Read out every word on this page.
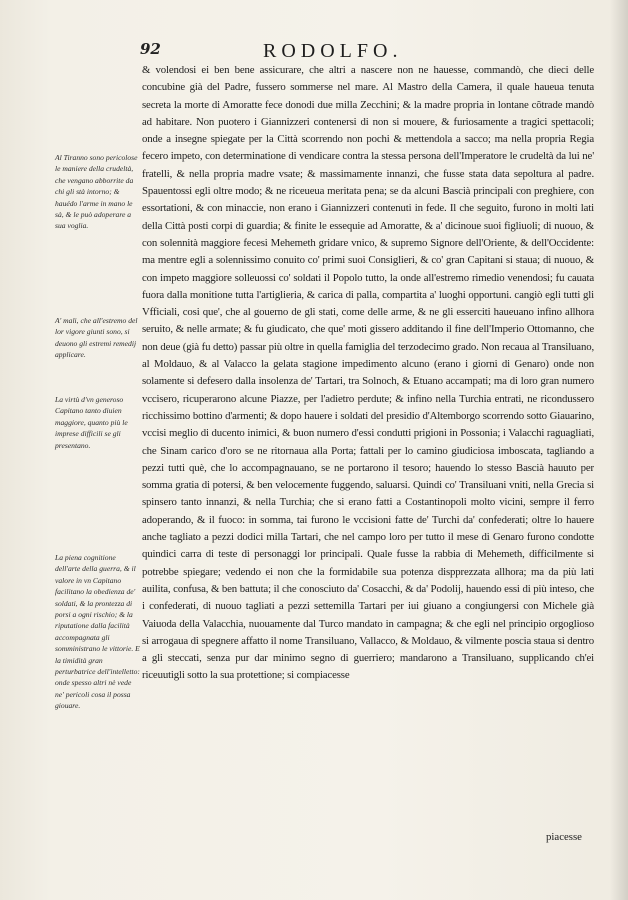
92	RODOLFO.

Al Tiranno sono pericolose le maniere della crudeltà, che vengano abborrite da chi gli stà intorno; & hauédo l'arme in mano le sà, & le può adoperare a sua voglia.

A' mali, che all'estremo del lor vigore giunti sono, si deuono gli estremi remedij applicare.

La virtù d'vn generoso Capitano tanto diuien maggiore, quanto più le imprese difficili se gli presentano.

La piena cognitione dell'arte della guerra, & il valore in vn Capitano facilitano la obedienza de' soldati, & la prontezza di porsi a ogni rischio; & la riputatione dalla facilità accompagnata gli somministrano le vittorie. E la timidità gran perturbatrice dell'intelletto: onde spesso altri nè vede ne' pericoli cosa il possa giouare.

& volendosi ei ben bene assicurare, che altri a nascere non ne hauesse, commandò, che dieci delle concubine già del Padre, fussero sommerse nel mare. Al Mastro della Camera, il quale haueua tenuta secreta la morte di Amoratte fece donodi due milla Zecchini; & la madre propria in lontane cõtrade mandò ad habitare. Non puotero i Giannizzeri contenersi di non si mouere, & furiosamente a tragici spettacoli; onde a insegne spiegate per la Città scorrendo non pochi & mettendola a sacco; ma nella propria Regia fecero impeto, con determinatione di vendicare contra la stessa persona dell'Imperatore le crudeltà da lui ne' fratelli, & nella propria madre vsate; & massimamente innanzi, che fusse stata data sepoltura al padre. Spauentossi egli oltre modo; & ne riceueua meritata pena; se da alcuni Bascià principali con preghiere, con essortationi, & con minaccie, non erano i Giannizzeri contenuti in fede. Il che seguito, furono in molti lati della Città posti corpi di guardia; & finite le essequie ad Amoratte, & a' dicinoue suoi figliuoli; di nuouo, & con solennità maggiore fecesi Mehemeth gridare vnico, & supremo Signore dell'Oriente, & dell'Occidente: ma mentre egli a solennissimo conuito co' primi suoi Consiglieri, & co' gran Capitani si staua; di nuouo, & con impeto maggiore solleuossi co' soldati il Popolo tutto, la onde all'estremo rimedio venendosi; fu cauata fuora dalla monitione tutta l'artiglieria, & carica di palla, compartita a' luoghi opportuni. cangiò egli tutti gli Vfficiali, cosi que', che al gouerno de gli stati, come delle arme, & ne gli esserciti haueuano infino allhora seruito, & nelle armate; & fu giudicato, che que' moti gissero additando il fine dell'Imperio Ottomanno, che non deue (già fu detto) passar più oltre in quella famiglia del terzodecimo grado. Non recaua al Transiluano, al Moldauo, & al Valacco la gelata stagione impedimento alcuno (erano i giorni di Genaro) onde non solamente si defesero dalla insolenza de' Tartari, tra Solnoch, & Etuano accampati; ma di loro gran numero vccisero, ricuperarono alcune Piazze, per l'adietro perdute; & infino nella Turchia entrati, ne ricondussero ricchissimo bottino d'armenti; & dopo hauere i soldati del presidio d'Altemborgo scorrendo sotto Giauarino, vccisi meglio di ducento inimici, & buon numero d'essi condutti prigioni in Possonia; i Valacchi raguagliati, che Sinam carico d'oro se ne ritornaua alla Porta; fattali per lo camino giudiciosa imboscata, tagliando a pezzi tutti què, che lo accompagnauano, se ne portarono il tesoro; hauendo lo stesso Bascià hauuto per somma gratia di potersi, & ben velocemente fuggendo, saluarsi. Quindi co' Transiluani vniti, nella Grecia si spinsero tanto innanzi, & nella Turchia; che si erano fatti a Costantinopoli molto vicini, sempre il ferro adoperando, & il fuoco: in somma, tai furono le vccisioni fatte de' Turchi da' confederati; oltre lo hauere anche tagliato a pezzi dodici milla Tartari, che nel campo loro per tutto il mese di Genaro furono condotte quindici carra di teste di personaggi lor principali. Quale fusse la rabbia di Mehemeth, difficilmente si potrebbe spiegare; vedendo ei non che la formidabile sua potenza dispprezzata allhora; ma da più lati auilita, confusa, & ben battuta; il che conosciuto da' Cosacchi, & da' Podolij, hauendo essi di più inteso, che i confederati, di nuouo tagliati a pezzi settemilla Tartari per iui giuano a congiungersi con Michele già Vaiuoda della Valacchia, nuouamente dal Turco mandato in campagna; & che egli nel principio orgoglioso si arrogaua di spegnere affatto il nome Transiluano, Vallacco, & Moldauo, & vilmente poscia staua si dentro a gli steccati, senza pur dar minimo segno di guerriero; mandarono a Transiluano, supplicando ch'ei riceuutigli sotto la sua protettione; si compiacesse

piacesse
